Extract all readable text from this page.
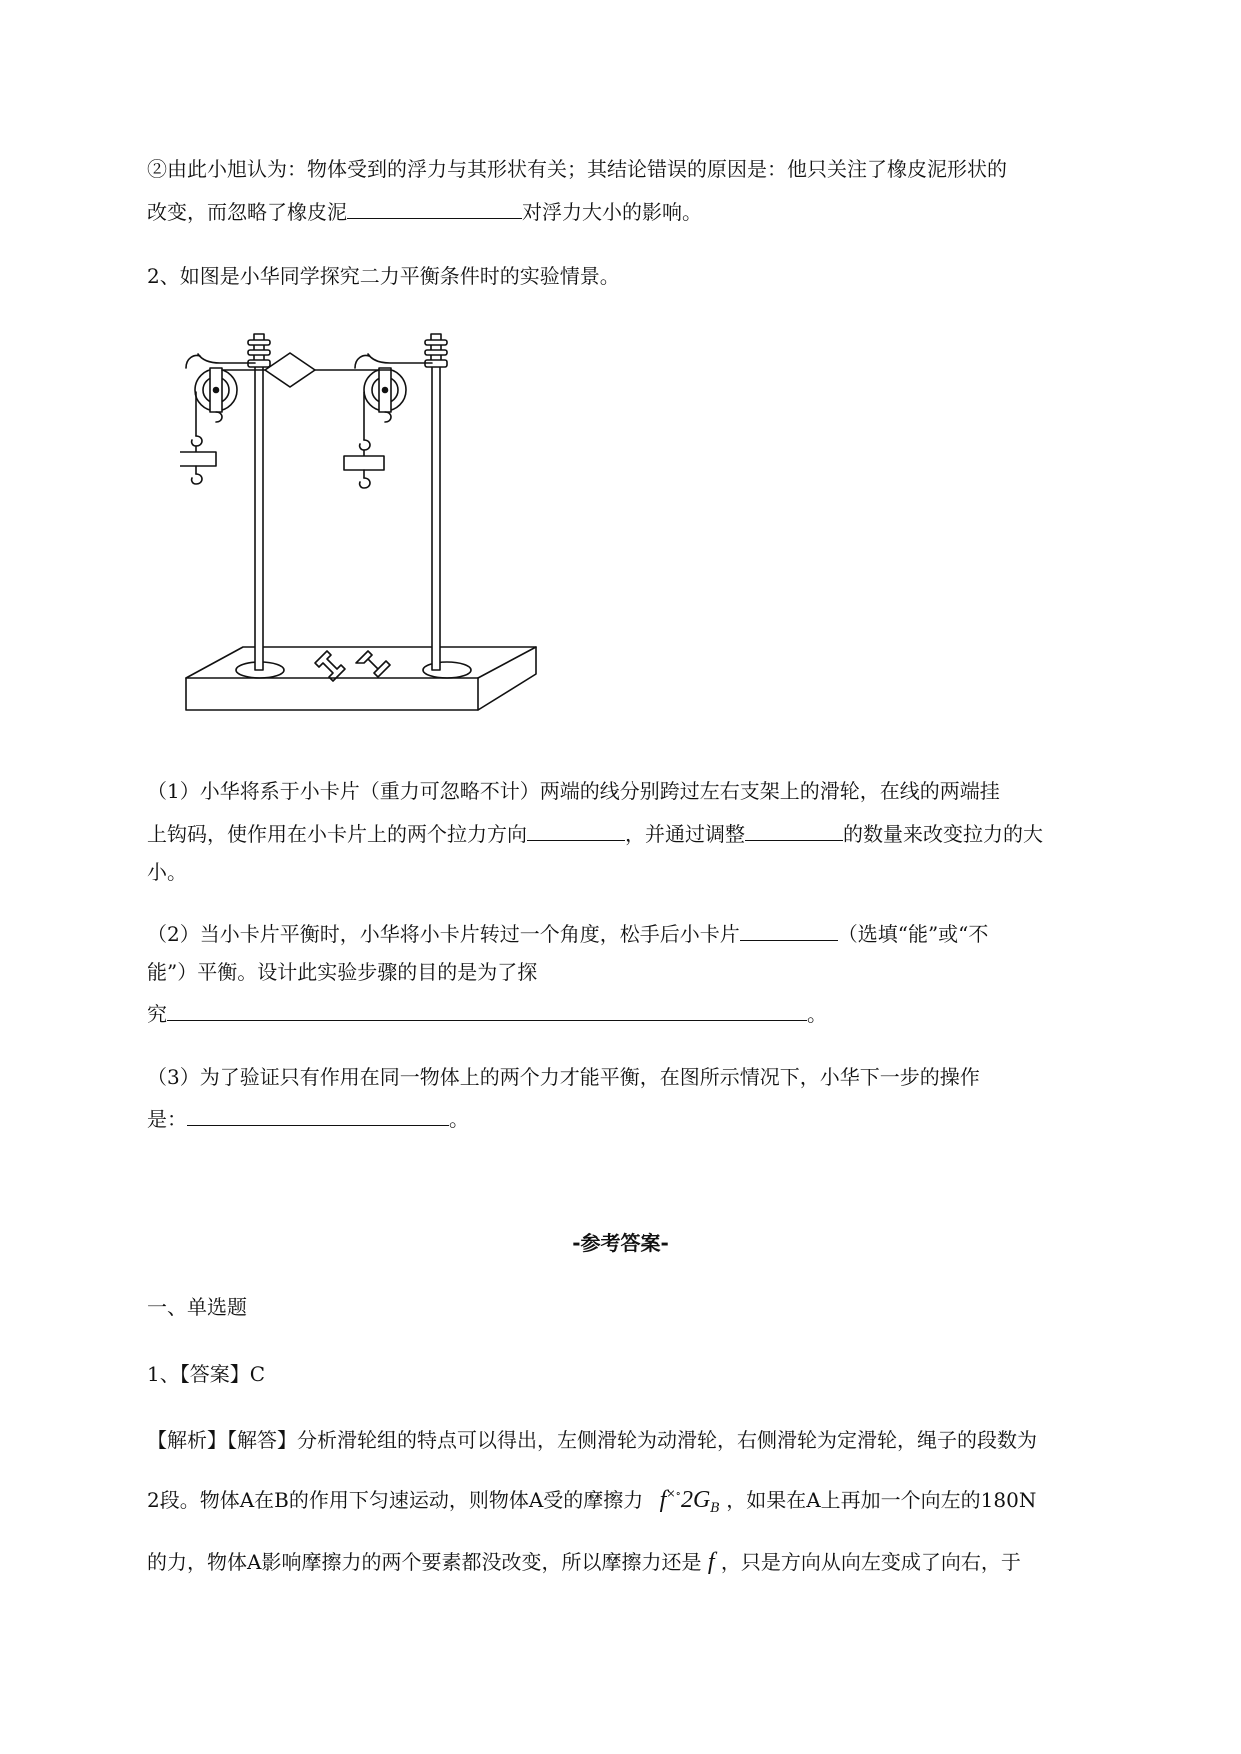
②由此小旭认为：物体受到的浮力与其形状有关；其结论错误的原因是：他只关注了橡皮泥形状的
改变，而忽略了橡皮泥	对浮力大小的影响。
2、如图是小华同学探究二力平衡条件时的实验情景。
（1）小华将系于小卡片（重力可忽略不计）两端的线分别跨过左右支架上的滑轮，在线的两端挂
上钩码，使作用在小卡片上的两个拉力方向	，并通过调整	的数量来改变拉力的大
小。
（2）当小卡片平衡时，小华将小卡片转过一个角度，松手后小卡片	（选填“能”或“不
能”）平衡。设计此实验步骤的目的是为了探
究	。
（3）为了验证只有作用在同一物体上的两个力才能平衡，在图所示情况下，小华下一步的操作
是：	。
-参考答案-
一、单选题
1、【答案】C
【解析】【解答】分析滑轮组的特点可以得出，左侧滑轮为动滑轮，右侧滑轮为定滑轮，绳子的段数为
2段。物体A在B的作用下匀速运动，则物体A受的摩擦力 $f^{\times\circ}2G_B$ ，如果在A上再加一个向左的180N
的力，物体A影响摩擦力的两个要素都没改变，所以摩擦力还是 f ，只是方向从向左变成了向右，于
